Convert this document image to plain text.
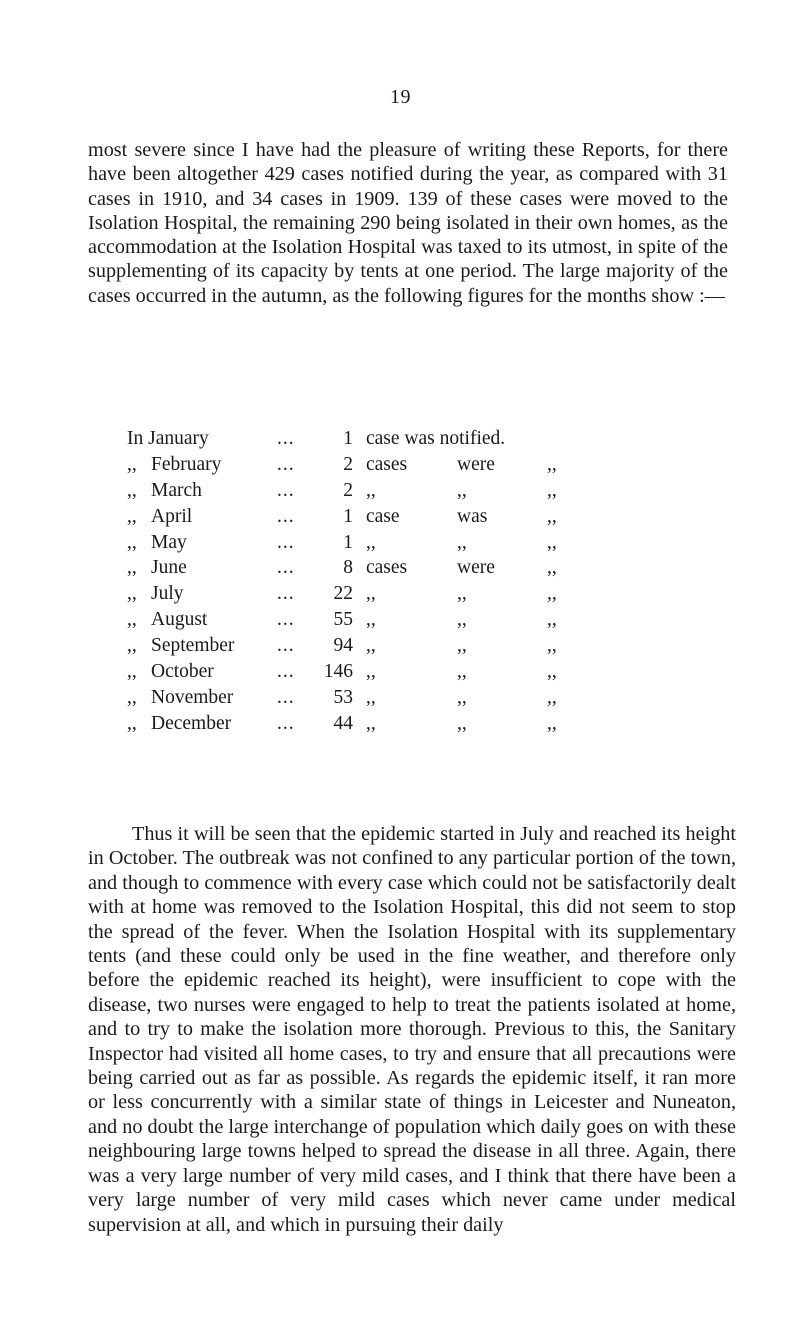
19

most severe since I have had the pleasure of writing these Reports, for there have been altogether 429 cases notified during the year, as compared with 31 cases in 1910, and 34 cases in 1909. 139 of these cases were moved to the Isolation Hospital, the remaining 290 being isolated in their own homes, as the accommodation at the Isolation Hospital was taxed to its utmost, in spite of the supplementing of its capacity by tents at one period. The large majority of the cases occurred in the autumn, as the following figures for the months show :—

In January	...	1 case was notified.
,, February	...	2 cases	were	,,
,, March	...	2 ,,	,,	,,
,, April	...	1 case	was	,,
,, May	...	1 ,,	,,	,,
,, June	...	8 cases	were	,,
,, July	...	22 ,,	,,	,,
,, August	...	55 ,,	,,	,,
,, September ...	94 ,,	,,	,,
,, October	...	146 ,,	,,	,,
,, November ...	53 ,,	,,	,,
,, December ...	44 ,,	,,	,,

Thus it will be seen that the epidemic started in July and reached its height in October. The outbreak was not confined to any particular portion of the town, and though to commence with every case which could not be satisfactorily dealt with at home was removed to the Isolation Hospital, this did not seem to stop the spread of the fever. When the Isolation Hospital with its supplementary tents (and these could only be used in the fine weather, and therefore only before the epidemic reached its height), were insufficient to cope with the disease, two nurses were engaged to help to treat the patients isolated at home, and to try to make the isolation more thorough. Previous to this, the Sanitary Inspector had visited all home cases, to try and ensure that all precautions were being carried out as far as possible. As regards the epidemic itself, it ran more or less concurrently with a similar state of things in Leicester and Nuneaton, and no doubt the large interchange of population which daily goes on with these neighbouring large towns helped to spread the disease in all three. Again, there was a very large number of very mild cases, and I think that there have been a very large number of very mild cases which never came under medical supervision at all, and which in pursuing their daily
